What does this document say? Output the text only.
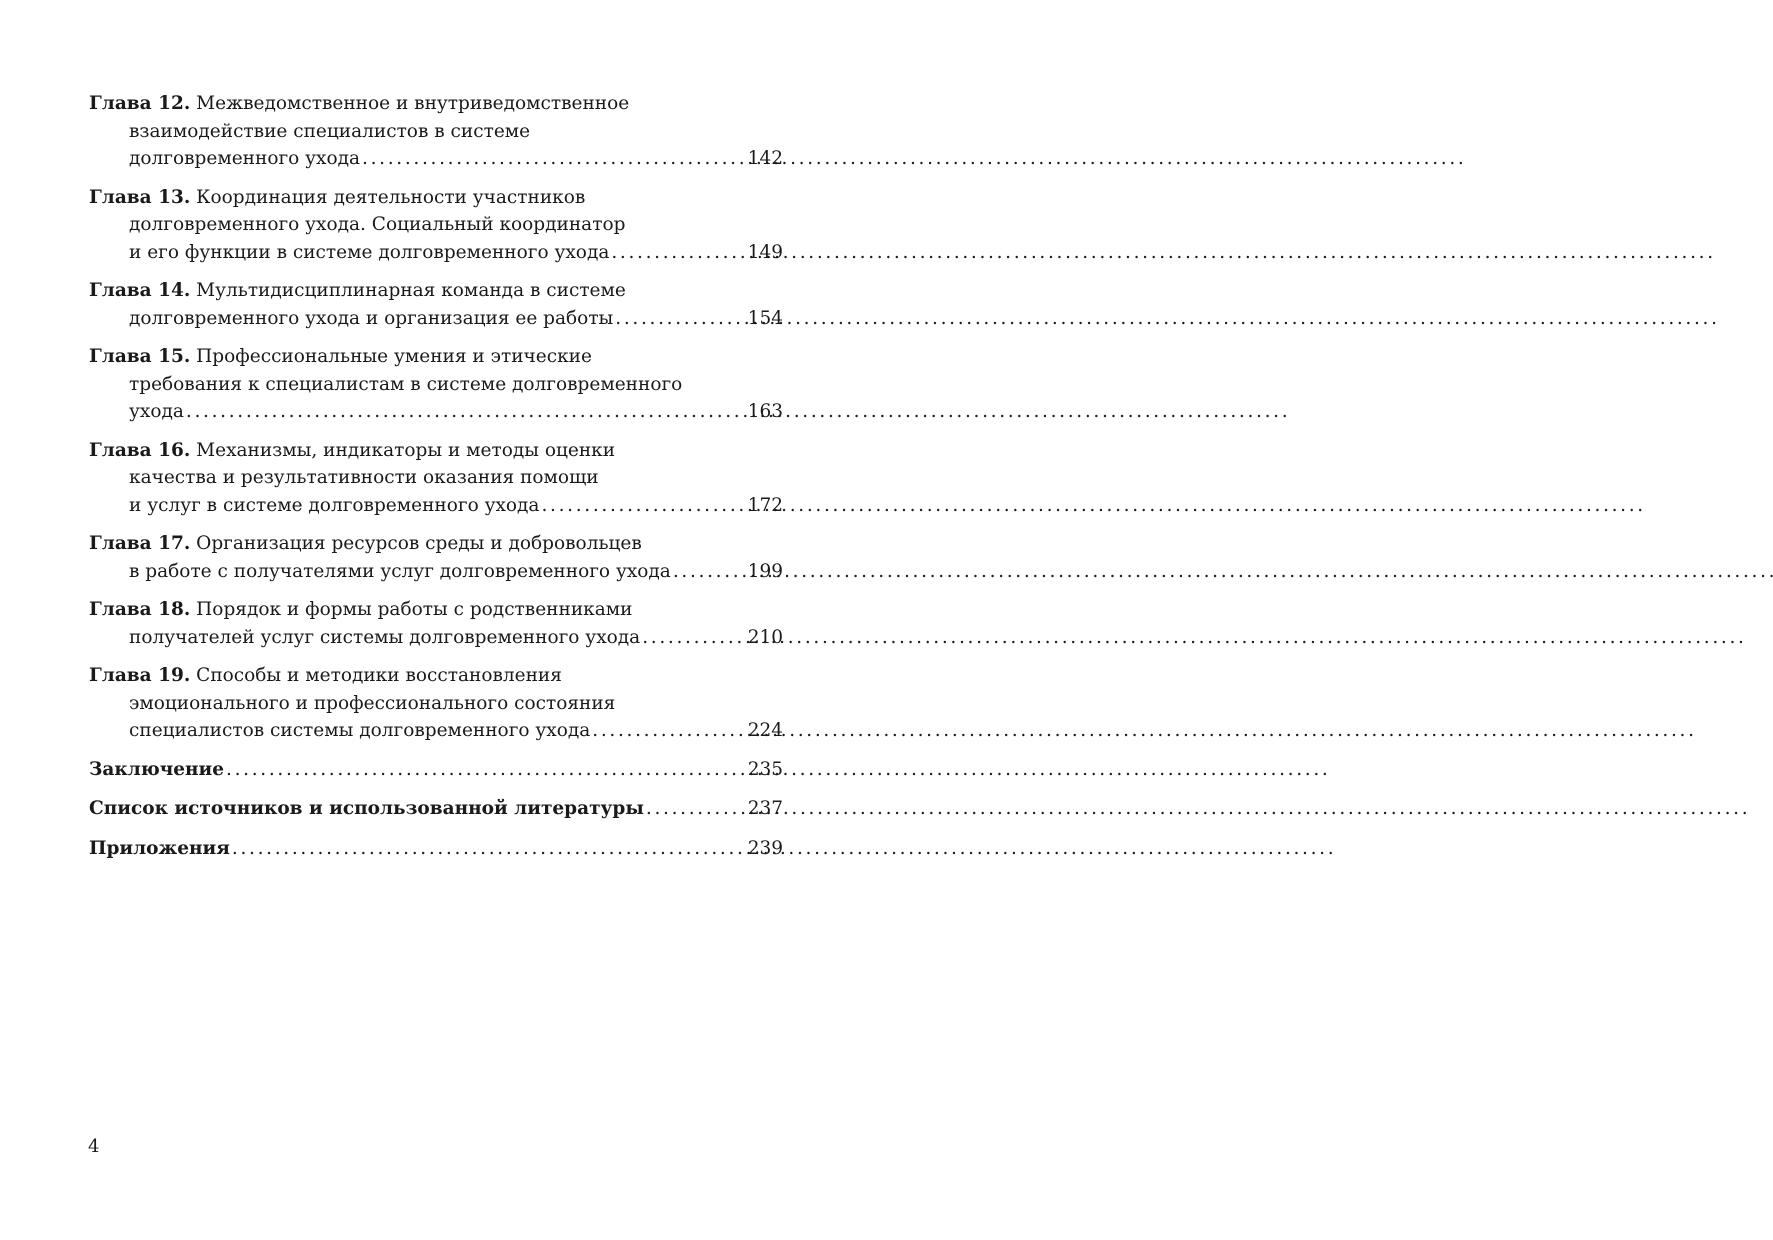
Глава 12. Межведомственное и внутриведомственное
взаимодействие специалистов в системе
долговременного ухода . . .	142
Глава 13. Координация деятельности участников
долговременного ухода. Социальный координатор
и его функции в системе долговременного ухода . . .	149
Глава 14. Мультидисциплинарная команда в системе
долговременного ухода и организация ее работы . . .	154
Глава 15. Профессиональные умения и этические
требования к специалистам в системе долговременного
ухода . . .	163
Глава 16. Механизмы, индикаторы и методы оценки
качества и результативности оказания помощи
и услуг в системе долговременного ухода . . .	172
Глава 17. Организация ресурсов среды и добровольцев
в работе с получателями услуг долговременного ухода . . .	199
Глава 18. Порядок и формы работы с родственниками
получателей услуг системы долговременного ухода . . .	210
Глава 19. Способы и методики восстановления
эмоционального и профессионального состояния
специалистов системы долговременного ухода . . .	224
Заключение . . .	235
Список источников и использованной литературы . . .	237
Приложения . . .	239
4
